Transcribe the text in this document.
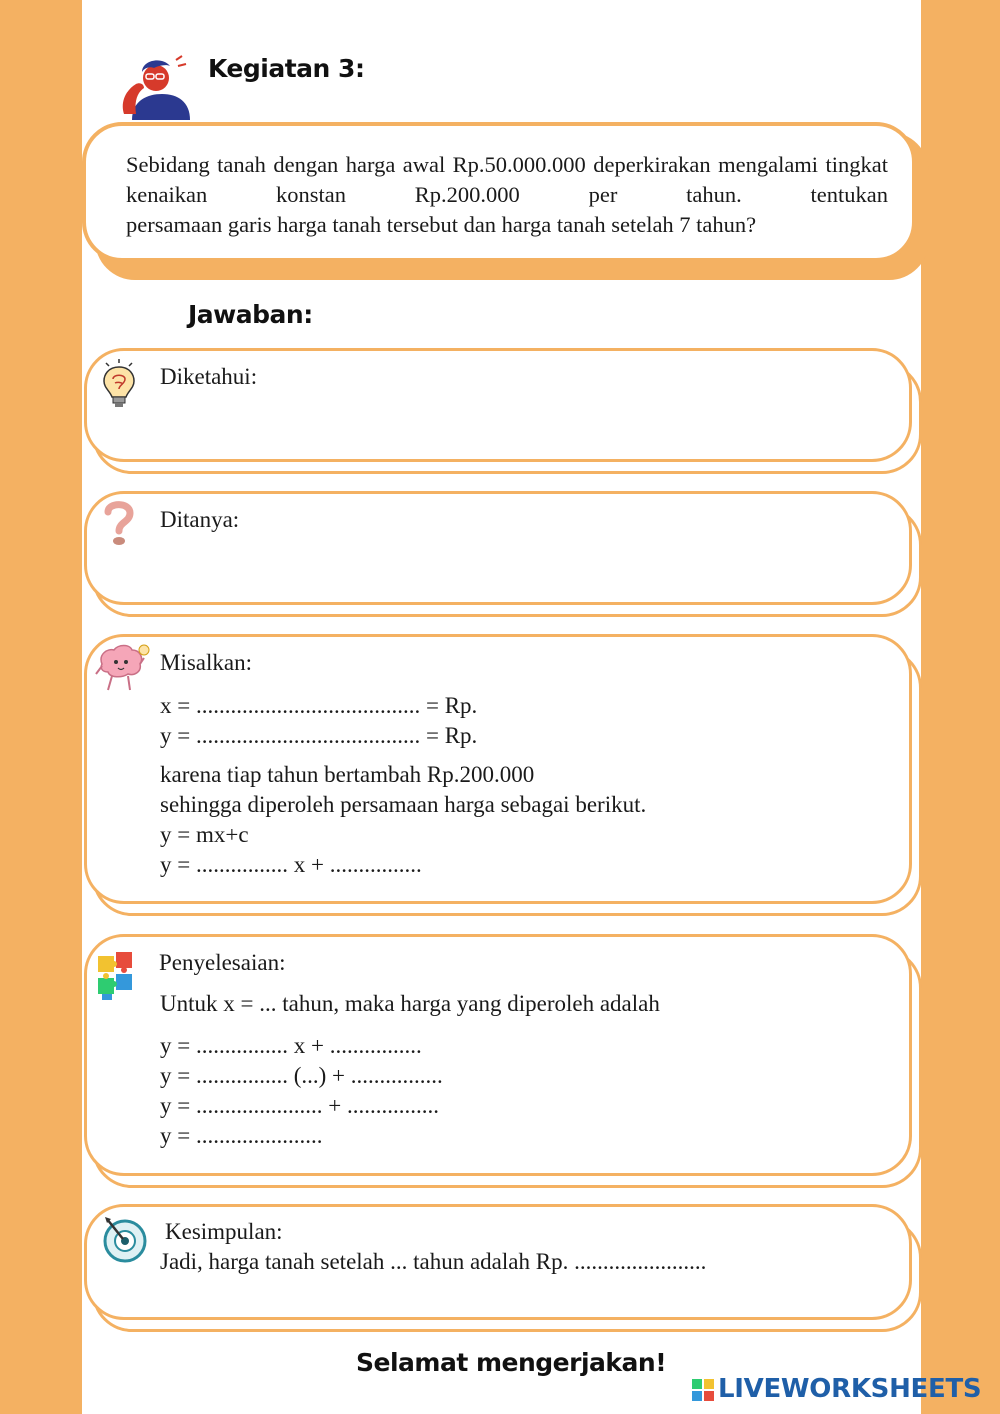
Kegiatan 3:
Sebidang tanah dengan harga awal Rp.50.000.000 deperkirakan mengalami tingkat kenaikan konstan Rp.200.000 per tahun. tentukan
persamaan garis harga tanah tersebut dan harga tanah setelah 7 tahun?
Jawaban:
Diketahui:
Ditanya:
Misalkan:
x = ....................................... = Rp.
y = ....................................... = Rp.
karena tiap tahun bertambah Rp.200.000
sehingga diperoleh persamaan harga sebagai berikut.
y = mx+c
y = ................ x + ................
Penyelesaian:
Untuk x = ... tahun, maka harga yang diperoleh adalah
y = ................ x + ................
y = ................ (...) + ................
y = ...................... + ................
y = ......................
Kesimpulan:
Jadi, harga tanah setelah ... tahun adalah Rp. .......................
Selamat mengerjakan!
LIVEWORKSHEETS
